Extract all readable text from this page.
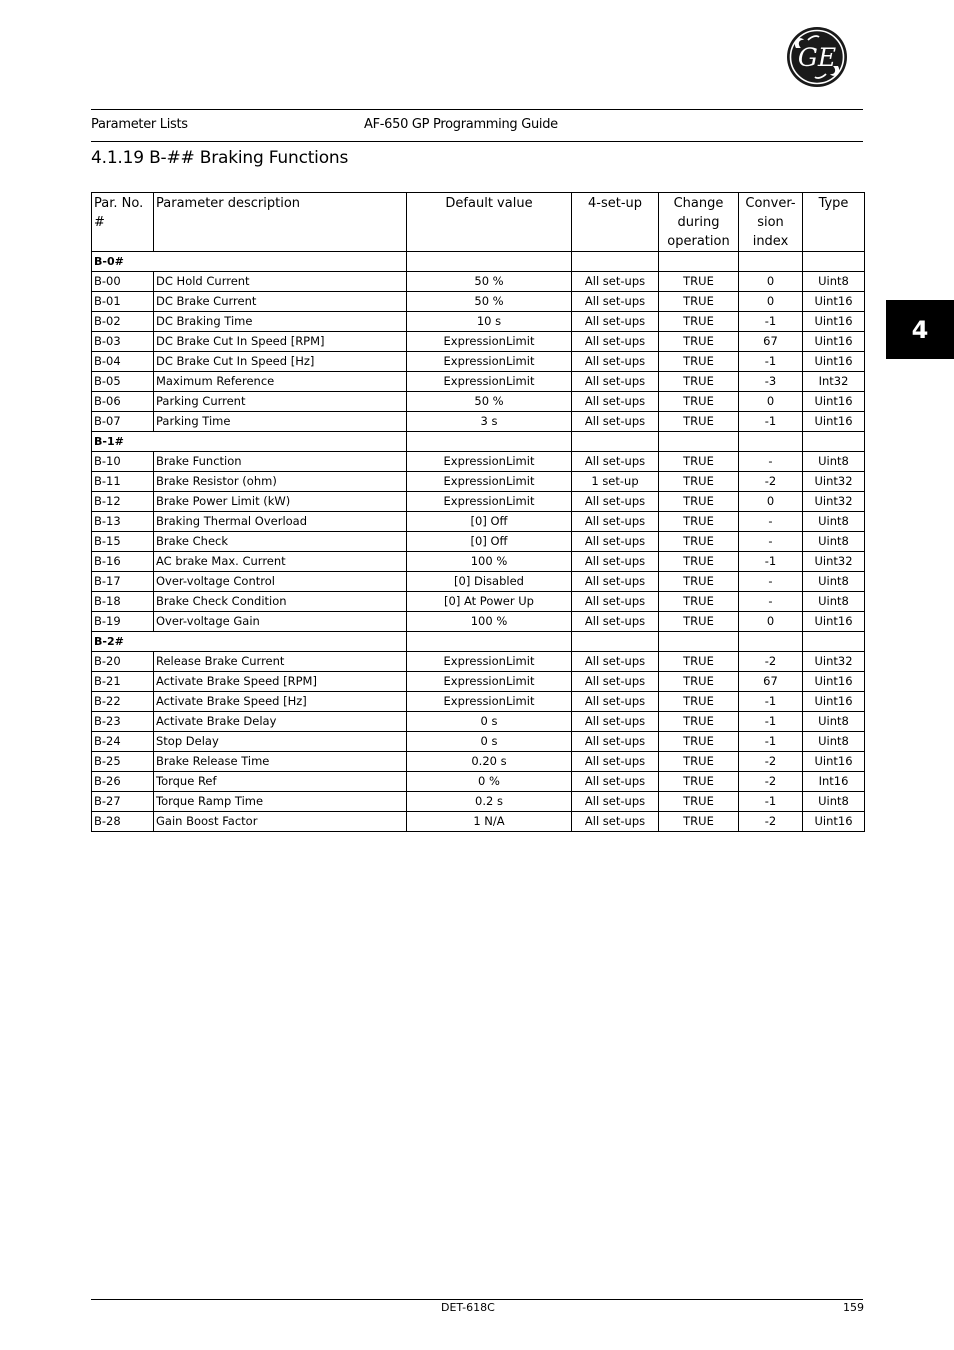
GE
Parameter Lists	AF-650 GP Programming Guide
4.1.19 B-## Braking Functions
4
Par. No. #	Parameter description	Default value	4-set-up	Change during operation	Conver- sion index	Type
B-0#						
B-00	DC Hold Current	50 %	All set-ups	TRUE	0	Uint8
B-01	DC Brake Current	50 %	All set-ups	TRUE	0	Uint16
B-02	DC Braking Time	10 s	All set-ups	TRUE	-1	Uint16
B-03	DC Brake Cut In Speed [RPM]	ExpressionLimit	All set-ups	TRUE	67	Uint16
B-04	DC Brake Cut In Speed [Hz]	ExpressionLimit	All set-ups	TRUE	-1	Uint16
B-05	Maximum Reference	ExpressionLimit	All set-ups	TRUE	-3	Int32
B-06	Parking Current	50 %	All set-ups	TRUE	0	Uint16
B-07	Parking Time	3 s	All set-ups	TRUE	-1	Uint16
B-1#						
B-10	Brake Function	ExpressionLimit	All set-ups	TRUE	-	Uint8
B-11	Brake Resistor (ohm)	ExpressionLimit	1 set-up	TRUE	-2	Uint32
B-12	Brake Power Limit (kW)	ExpressionLimit	All set-ups	TRUE	0	Uint32
B-13	Braking Thermal Overload	[0] Off	All set-ups	TRUE	-	Uint8
B-15	Brake Check	[0] Off	All set-ups	TRUE	-	Uint8
B-16	AC brake Max. Current	100 %	All set-ups	TRUE	-1	Uint32
B-17	Over-voltage Control	[0] Disabled	All set-ups	TRUE	-	Uint8
B-18	Brake Check Condition	[0] At Power Up	All set-ups	TRUE	-	Uint8
B-19	Over-voltage Gain	100 %	All set-ups	TRUE	0	Uint16
B-2#						
B-20	Release Brake Current	ExpressionLimit	All set-ups	TRUE	-2	Uint32
B-21	Activate Brake Speed [RPM]	ExpressionLimit	All set-ups	TRUE	67	Uint16
B-22	Activate Brake Speed [Hz]	ExpressionLimit	All set-ups	TRUE	-1	Uint16
B-23	Activate Brake Delay	0 s	All set-ups	TRUE	-1	Uint8
B-24	Stop Delay	0 s	All set-ups	TRUE	-1	Uint8
B-25	Brake Release Time	0.20 s	All set-ups	TRUE	-2	Uint16
B-26	Torque Ref	0 %	All set-ups	TRUE	-2	Int16
B-27	Torque Ramp Time	0.2 s	All set-ups	TRUE	-1	Uint8
B-28	Gain Boost Factor	1 N/A	All set-ups	TRUE	-2	Uint16
DET-618C	159
